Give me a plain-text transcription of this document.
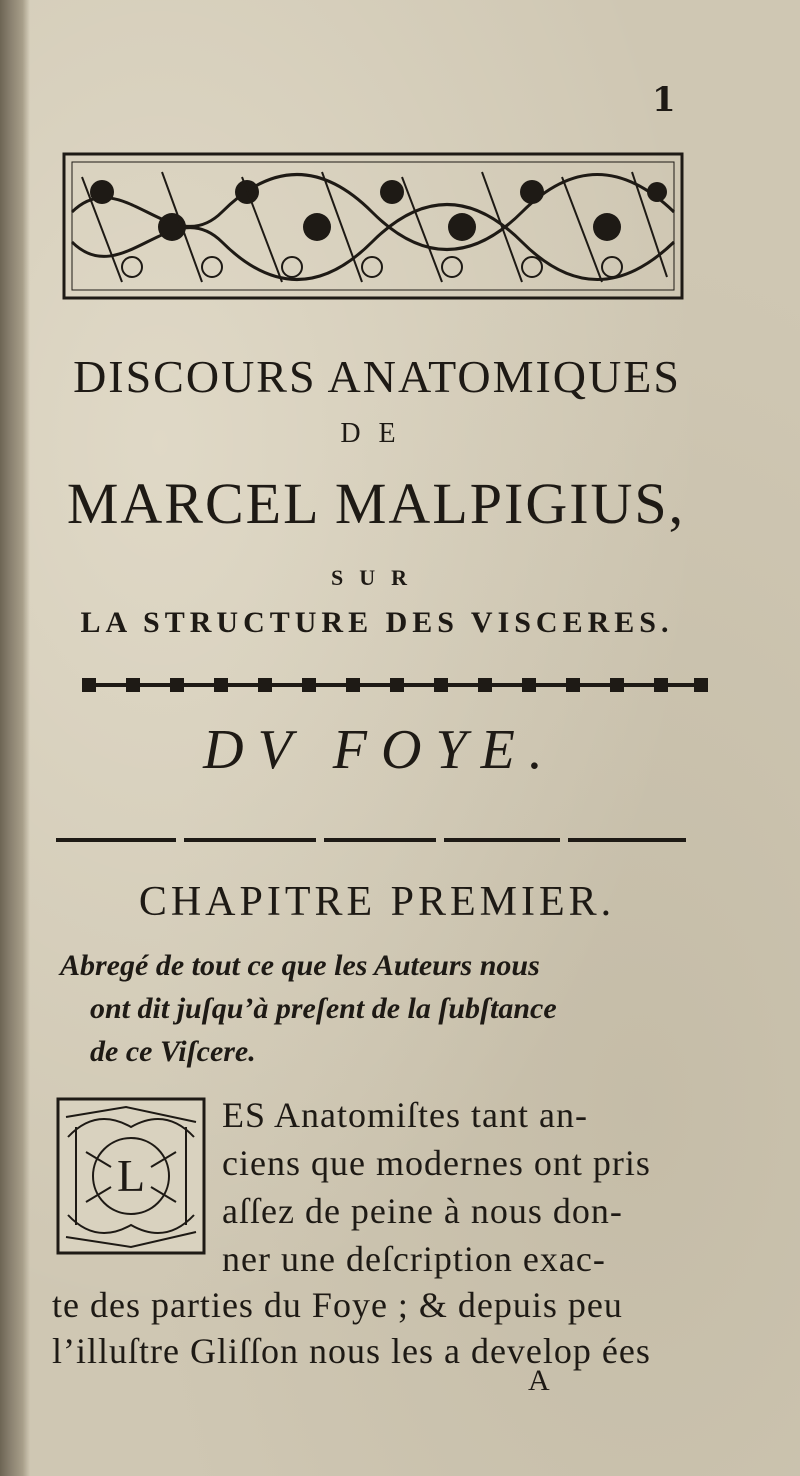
1
DISCOURS ANATOMIQUES
DE
MARCEL MALPIGIUS,
SUR
LA STRUCTURE DES VISCERES.
DV FOYE.
CHAPITRE PREMIER.
Abregé de tout ce que les Auteurs nous
ont dit juſqu’à preſent de la ſubſtance
de ce Viſcere.
L
ES Anatomiſtes tant an-
ciens que modernes ont pris
aſſez de peine à nous don-
ner une deſcription exac-
te des parties du Foye ; & depuis peu
l’illuſtre Gliſſon nous les a develop ées
A
